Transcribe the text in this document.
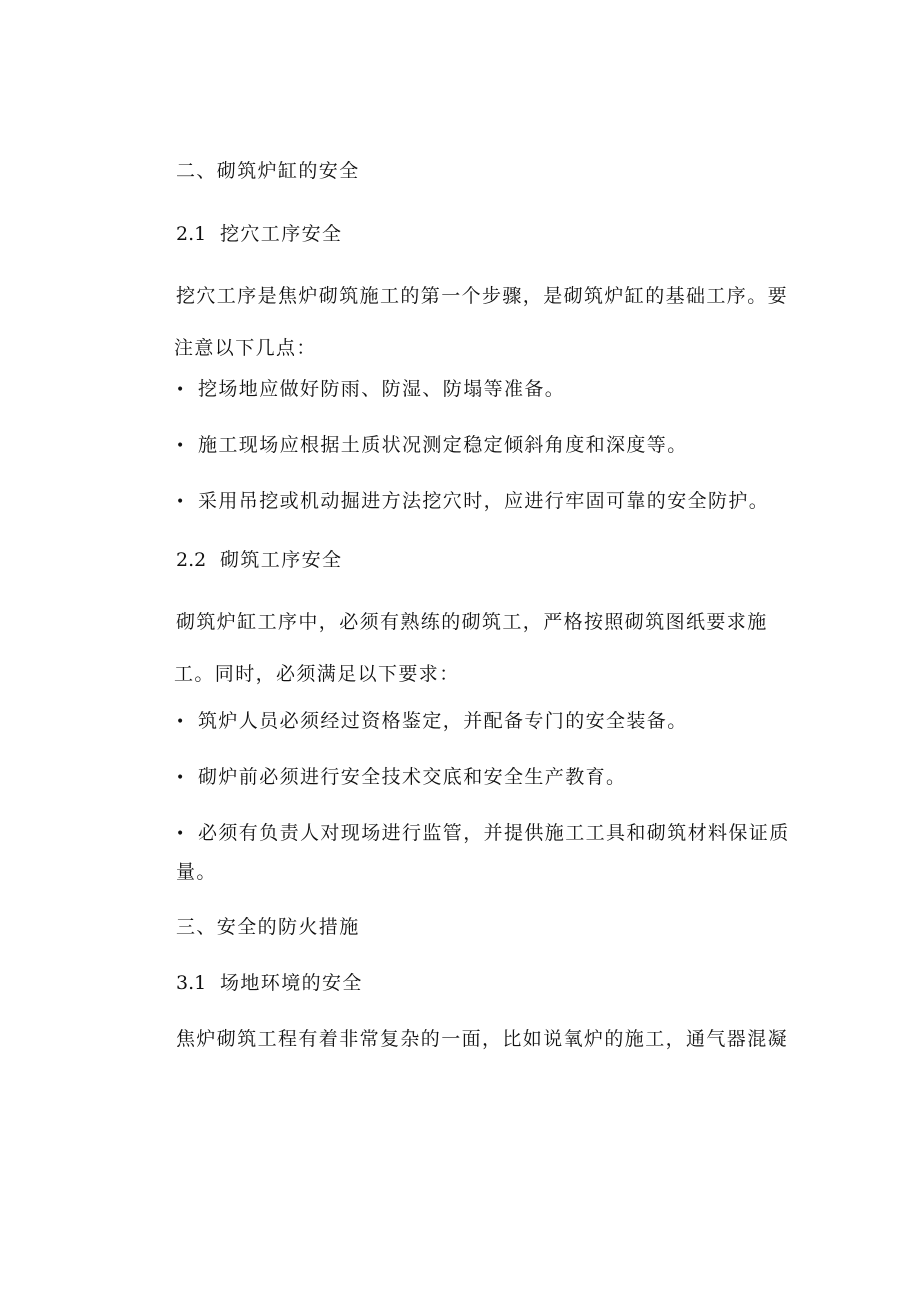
二、砌筑炉缸的安全
2.1 挖穴工序安全
挖穴工序是焦炉砌筑施工的第一个步骤，是砌筑炉缸的基础工序。要
注意以下几点：
• 挖场地应做好防雨、防湿、防塌等准备。
• 施工现场应根据土质状况测定稳定倾斜角度和深度等。
• 采用吊挖或机动掘进方法挖穴时，应进行牢固可靠的安全防护。
2.2 砌筑工序安全
砌筑炉缸工序中，必须有熟练的砌筑工，严格按照砌筑图纸要求施
工。同时，必须满足以下要求：
• 筑炉人员必须经过资格鉴定，并配备专门的安全装备。
• 砌炉前必须进行安全技术交底和安全生产教育。
• 必须有负责人对现场进行监管，并提供施工工具和砌筑材料保证质
量。
三、安全的防火措施
3.1 场地环境的安全
焦炉砌筑工程有着非常复杂的一面，比如说氧炉的施工，通气器混凝
